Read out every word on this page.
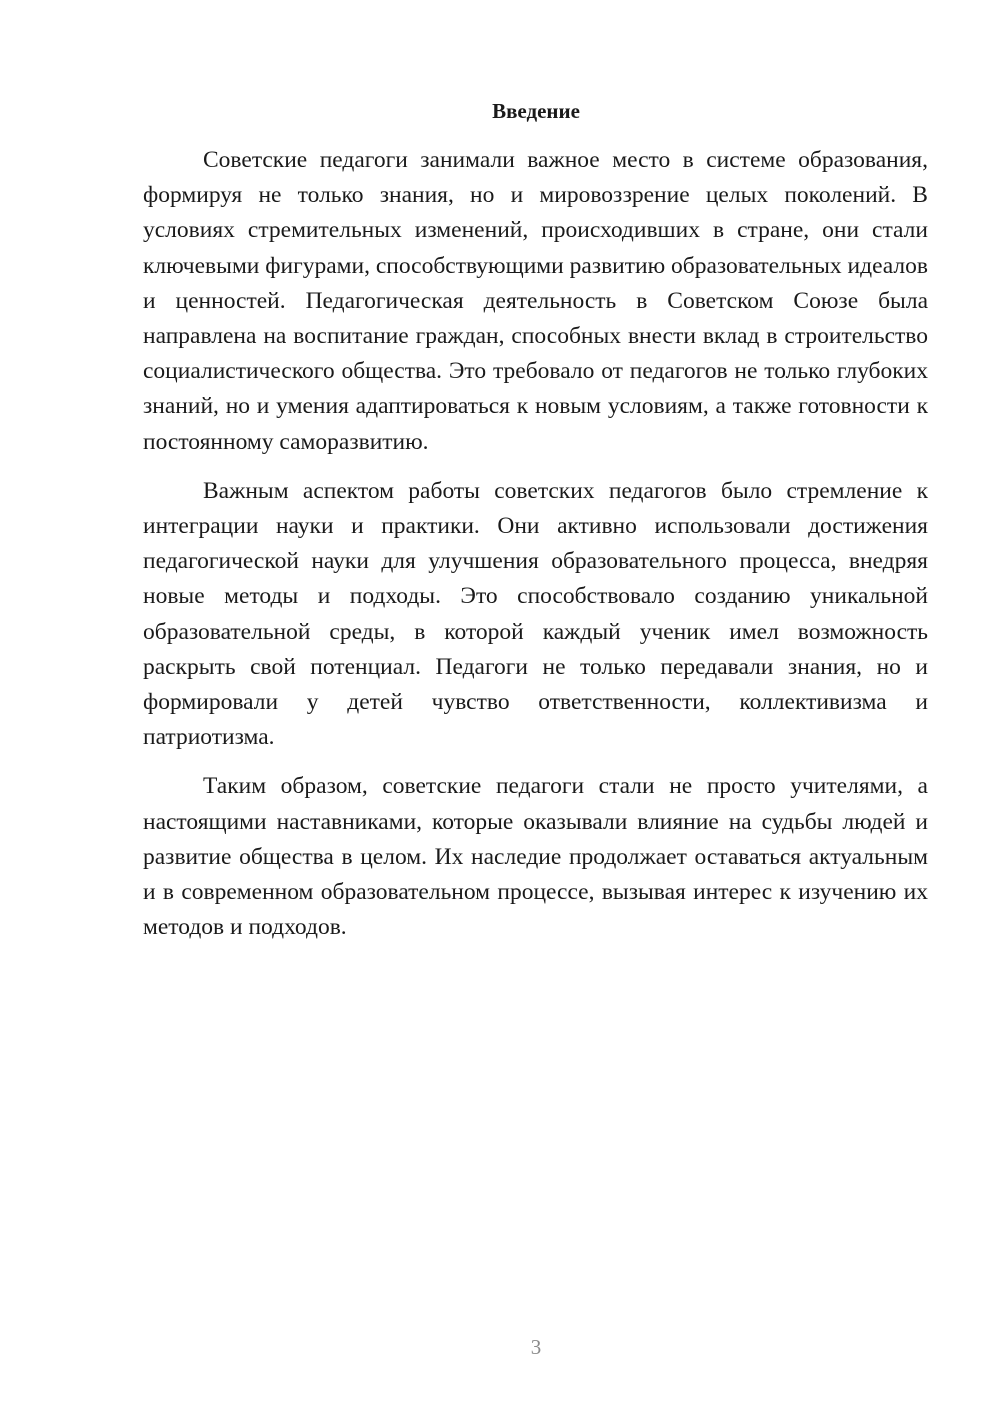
Введение

Советские педагоги занимали важное место в системе образования, формируя не только знания, но и мировоззрение целых поколений. В условиях стремительных изменений, происходивших в стране, они стали ключевыми фигурами, способствующими развитию образовательных идеалов и ценностей. Педагогическая деятельность в Советском Союзе была направлена на воспитание граждан, способных внести вклад в строительство социалистического общества. Это требовало от педагогов не только глубоких знаний, но и умения адаптироваться к новым условиям, а также готовности к постоянному саморазвитию.

Важным аспектом работы советских педагогов было стремление к интеграции науки и практики. Они активно использовали достижения педагогической науки для улучшения образовательного процесса, внедряя новые методы и подходы. Это способствовало созданию уникальной образовательной среды, в которой каждый ученик имел возможность раскрыть свой потенциал. Педагоги не только передавали знания, но и формировали у детей чувство ответственности, коллективизма и патриотизма.

Таким образом, советские педагоги стали не просто учителями, а настоящими наставниками, которые оказывали влияние на судьбы людей и развитие общества в целом. Их наследие продолжает оставаться актуальным и в современном образовательном процессе, вызывая интерес к изучению их методов и подходов.

3
